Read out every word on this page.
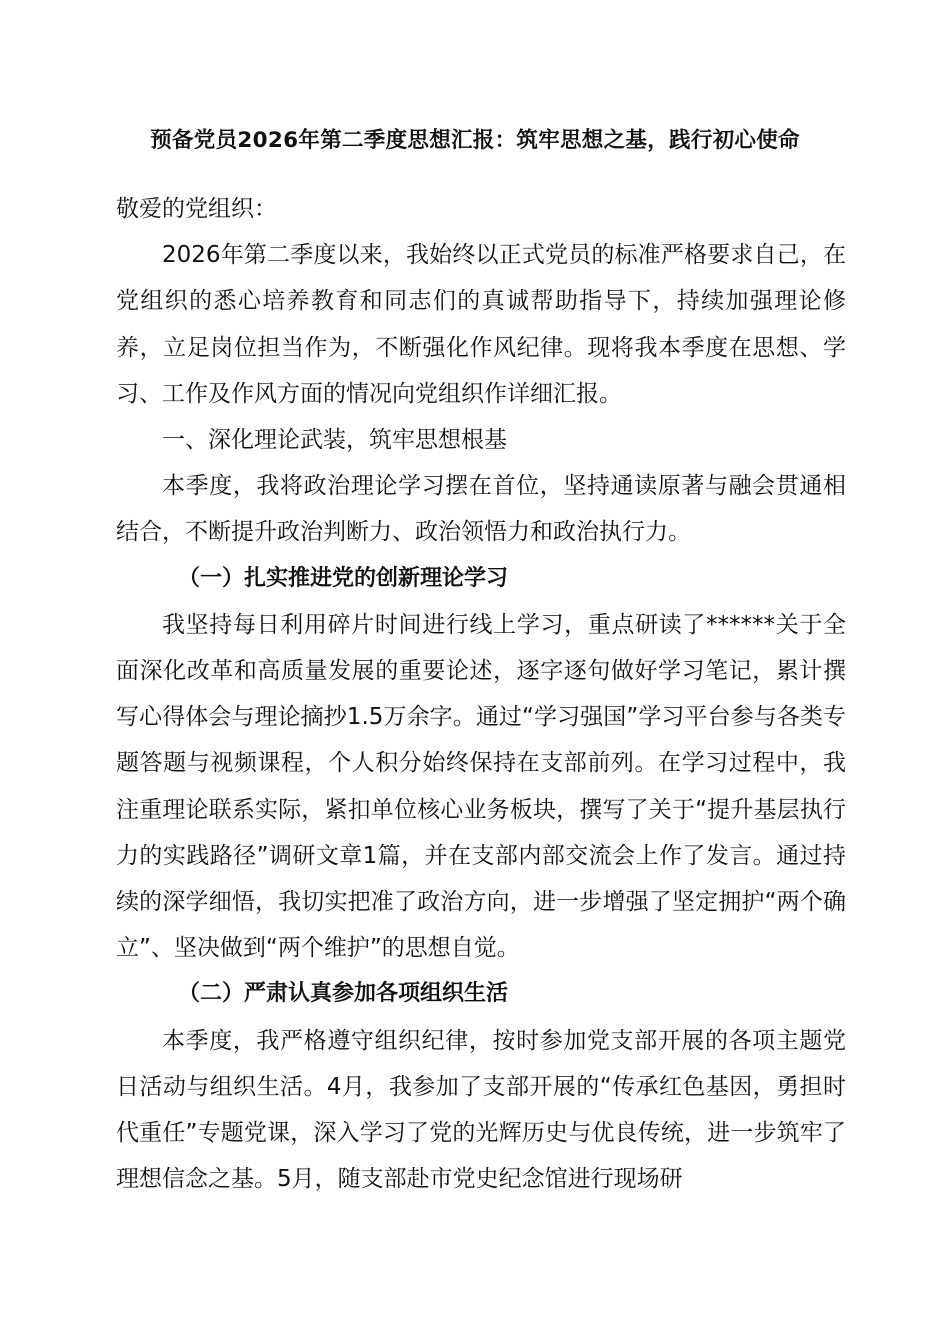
预备党员2026年第二季度思想汇报：筑牢思想之基，践行初心使命

敬爱的党组织：

2026年第二季度以来，我始终以正式党员的标准严格要求自己，在党组织的悉心培养教育和同志们的真诚帮助指导下，持续加强理论修养，立足岗位担当作为，不断强化作风纪律。现将我本季度在思想、学习、工作及作风方面的情况向党组织作详细汇报。

一、深化理论武装，筑牢思想根基

本季度，我将政治理论学习摆在首位，坚持通读原著与融会贯通相结合，不断提升政治判断力、政治领悟力和政治执行力。

（一）扎实推进党的创新理论学习

我坚持每日利用碎片时间进行线上学习，重点研读了******关于全面深化改革和高质量发展的重要论述，逐字逐句做好学习笔记，累计撰写心得体会与理论摘抄1.5万余字。通过“学习强国”学习平台参与各类专题答题与视频课程，个人积分始终保持在支部前列。在学习过程中，我注重理论联系实际，紧扣单位核心业务板块，撰写了关于“提升基层执行力的实践路径”调研文章1篇，并在支部内部交流会上作了发言。通过持续的深学细悟，我切实把准了政治方向，进一步增强了坚定拥护“两个确立”、坚决做到“两个维护”的思想自觉。

（二）严肃认真参加各项组织生活

本季度，我严格遵守组织纪律，按时参加党支部开展的各项主题党日活动与组织生活。4月，我参加了支部开展的“传承红色基因，勇担时代重任”专题党课，深入学习了党的光辉历史与优良传统，进一步筑牢了理想信念之基。5月，随支部赴市党史纪念馆进行现场研
